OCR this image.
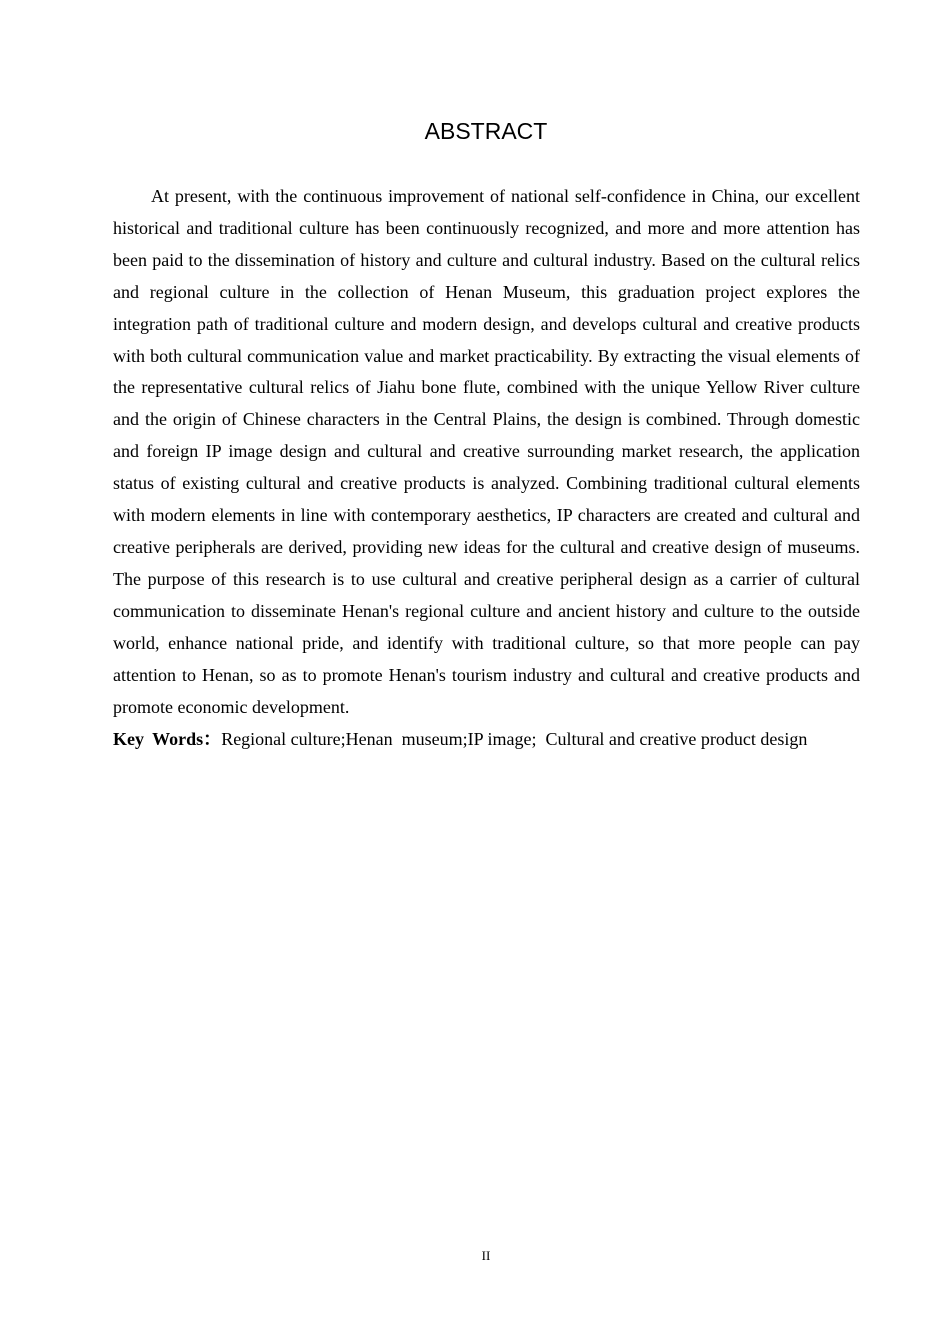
ABSTRACT

At present, with the continuous improvement of national self-confidence in China, our excellent historical and traditional culture has been continuously recognized, and more and more attention has been paid to the dissemination of history and culture and cultural industry. Based on the cultural relics and regional culture in the collection of Henan Museum, this graduation project explores the integration path of traditional culture and modern design, and develops cultural and creative products with both cultural communication value and market practicability. By extracting the visual elements of the representative cultural relics of Jiahu bone flute, combined with the unique Yellow River culture and the origin of Chinese characters in the Central Plains, the design is combined. Through domestic and foreign IP image design and cultural and creative surrounding market research, the application status of existing cultural and creative products is analyzed. Combining traditional cultural elements with modern elements in line with contemporary aesthetics, IP characters are created and cultural and creative peripherals are derived, providing new ideas for the cultural and creative design of museums. The purpose of this research is to use cultural and creative peripheral design as a carrier of cultural communication to disseminate Henan's regional culture and ancient history and culture to the outside world, enhance national pride, and identify with traditional culture, so that more people can pay attention to Henan, so as to promote Henan's tourism industry and cultural and creative products and promote economic development.

Key Words：Regional culture;Henan  museum;IP image;  Cultural and creative product design

II
